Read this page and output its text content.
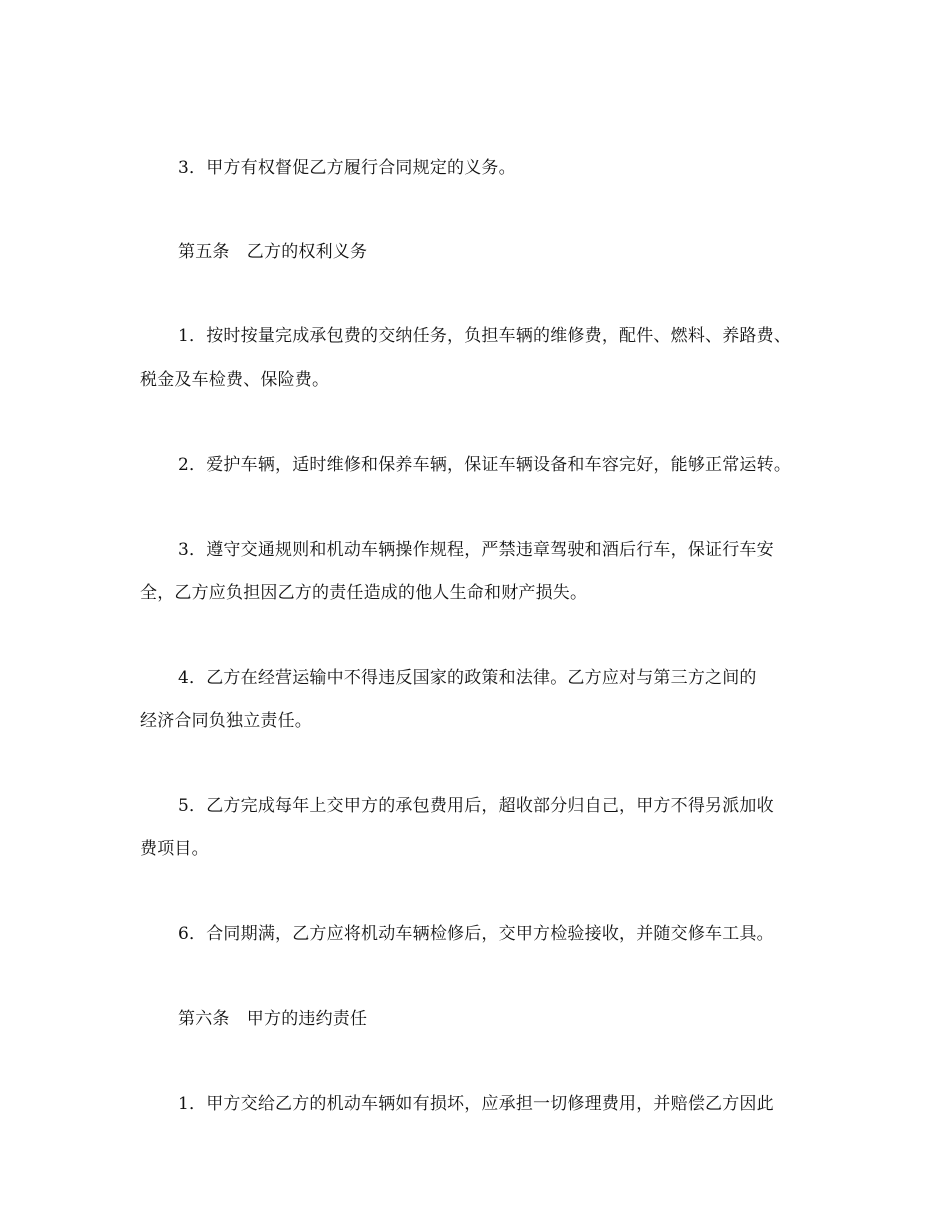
3．甲方有权督促乙方履行合同规定的义务。
第五条　乙方的权利义务
1．按时按量完成承包费的交纳任务，负担车辆的维修费，配件、燃料、养路费、
税金及车检费、保险费。
2．爱护车辆，适时维修和保养车辆，保证车辆设备和车容完好，能够正常运转。
3．遵守交通规则和机动车辆操作规程，严禁违章驾驶和酒后行车，保证行车安
全，乙方应负担因乙方的责任造成的他人生命和财产损失。
4．乙方在经营运输中不得违反国家的政策和法律。乙方应对与第三方之间的
经济合同负独立责任。
5．乙方完成每年上交甲方的承包费用后，超收部分归自己，甲方不得另派加收
费项目。
6．合同期满，乙方应将机动车辆检修后，交甲方检验接收，并随交修车工具。
第六条　甲方的违约责任
1．甲方交给乙方的机动车辆如有损坏，应承担一切修理费用，并赔偿乙方因此
